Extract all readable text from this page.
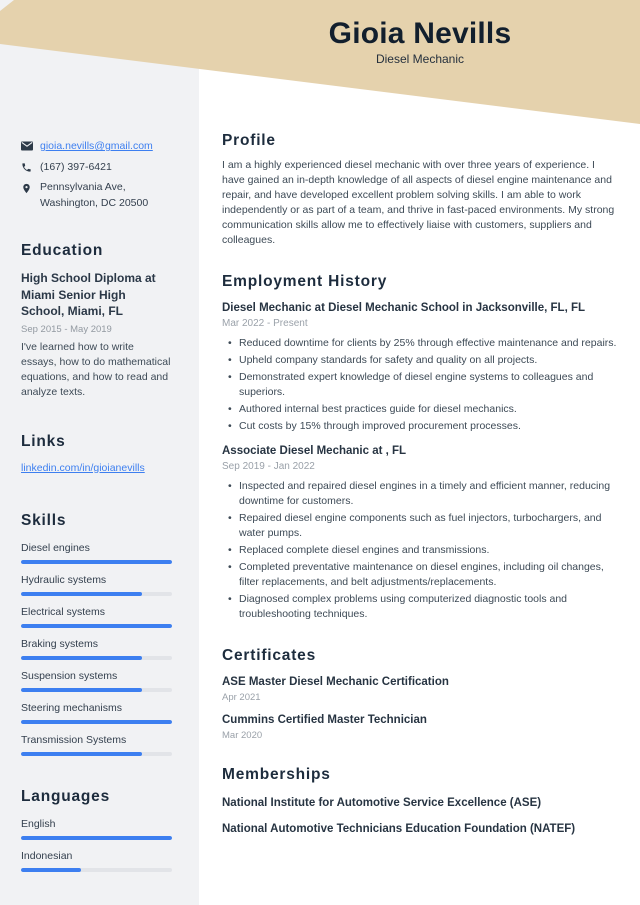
gioia.nevills@gmail.com
(167) 397-6421
Pennsylvania Ave,
Washington, DC 20500
Education
High School Diploma at Miami Senior High School, Miami, FL
Sep 2015 - May 2019
I've learned how to write essays, how to do mathematical equations, and how to read and analyze texts.
Links
linkedin.com/in/gioianevills
Skills
Diesel engines
Hydraulic systems
Electrical systems
Braking systems
Suspension systems
Steering mechanisms
Transmission Systems
Languages
English
Indonesian
Gioia Nevills
Diesel Mechanic
Profile
I am a highly experienced diesel mechanic with over three years of experience. I have gained an in-depth knowledge of all aspects of diesel engine maintenance and repair, and have developed excellent problem solving skills. I am able to work independently or as part of a team, and thrive in fast-paced environments. My strong communication skills allow me to effectively liaise with customers, suppliers and colleagues.
Employment History
Diesel Mechanic at Diesel Mechanic School in Jacksonville, FL, FL
Mar 2022 - Present
• Reduced downtime for clients by 25% through effective maintenance and repairs.
• Upheld company standards for safety and quality on all projects.
• Demonstrated expert knowledge of diesel engine systems to colleagues and superiors.
• Authored internal best practices guide for diesel mechanics.
• Cut costs by 15% through improved procurement processes.
Associate Diesel Mechanic at , FL
Sep 2019 - Jan 2022
• Inspected and repaired diesel engines in a timely and efficient manner, reducing downtime for customers.
• Repaired diesel engine components such as fuel injectors, turbochargers, and water pumps.
• Replaced complete diesel engines and transmissions.
• Completed preventative maintenance on diesel engines, including oil changes, filter replacements, and belt adjustments/replacements.
• Diagnosed complex problems using computerized diagnostic tools and troubleshooting techniques.
Certificates
ASE Master Diesel Mechanic Certification
Apr 2021
Cummins Certified Master Technician
Mar 2020
Memberships
National Institute for Automotive Service Excellence (ASE)
National Automotive Technicians Education Foundation (NATEF)
